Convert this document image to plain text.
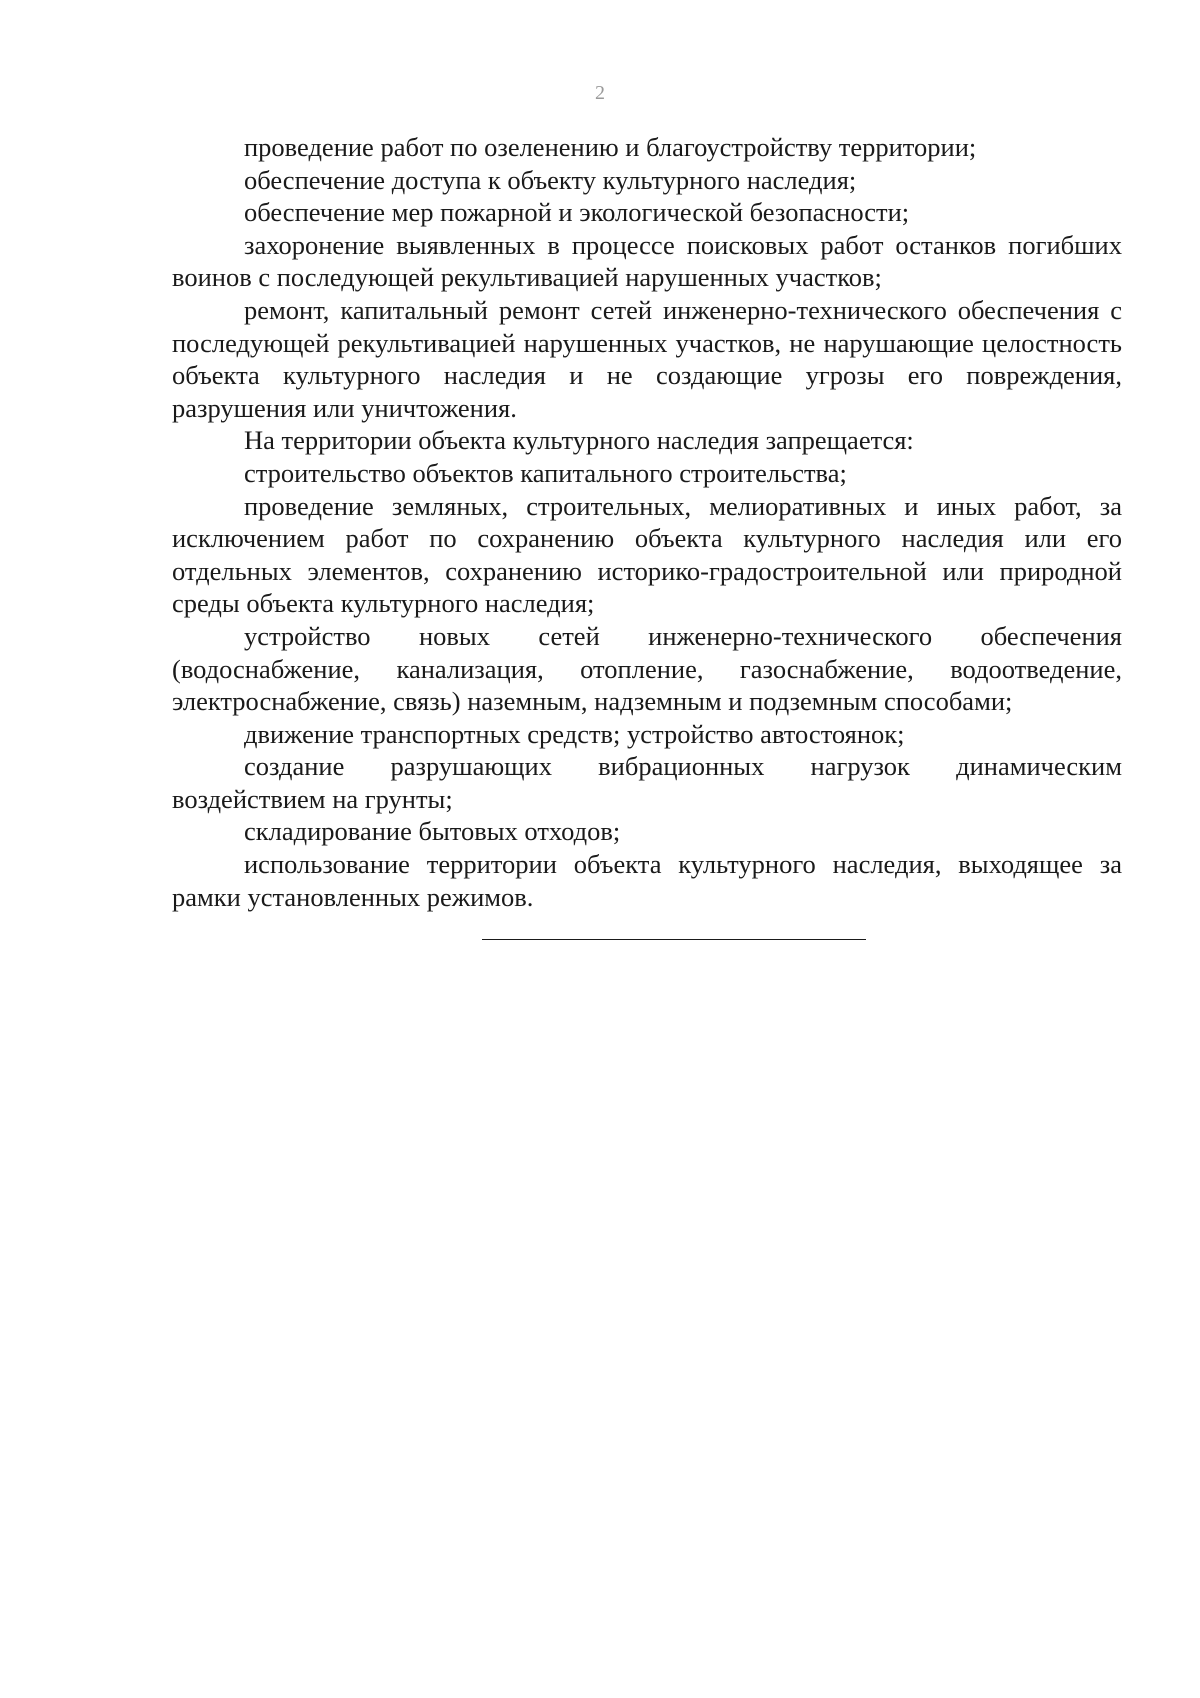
2

проведение работ по озеленению и благоустройству территории;

обеспечение доступа к объекту культурного наследия;

обеспечение мер пожарной и экологической безопасности;

захоронение выявленных в процессе поисковых работ останков погибших воинов с последующей рекультивацией нарушенных участков;

ремонт, капитальный ремонт сетей инженерно-технического обеспечения с последующей рекультивацией нарушенных участков, не нарушающие целостность объекта культурного наследия и не создающие угрозы его повреждения, разрушения или уничтожения.

На территории объекта культурного наследия запрещается:

строительство объектов капитального строительства;

проведение земляных, строительных, мелиоративных и иных работ, за исключением работ по сохранению объекта культурного наследия или его отдельных элементов, сохранению историко-градостроительной или природной среды объекта культурного наследия;

устройство новых сетей инженерно-технического обеспечения (водоснабжение, канализация, отопление, газоснабжение, водоотведение, электроснабжение, связь) наземным, надземным и подземным способами;

движение транспортных средств; устройство автостоянок;

создание разрушающих вибрационных нагрузок динамическим воздействием на грунты;

складирование бытовых отходов;

использование территории объекта культурного наследия, выходящее за рамки установленных режимов.
